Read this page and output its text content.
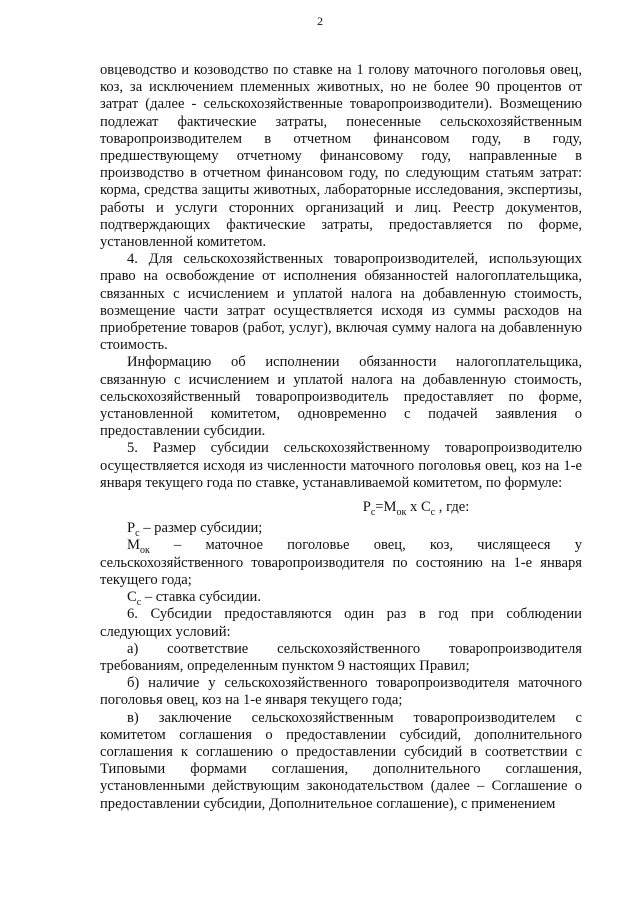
2

овцеводство и козоводство по ставке на 1 голову маточного поголовья овец, коз, за исключением племенных животных, но не более 90 процентов от затрат (далее - сельскохозяйственные товаропроизводители). Возмещению подлежат фактические затраты, понесенные сельскохозяйственным товаропроизводителем в отчетном финансовом году, в году, предшествующему отчетному финансовому году, направленные в производство в отчетном финансовом году, по следующим статьям затрат: корма, средства защиты животных, лабораторные исследования, экспертизы, работы и услуги сторонних организаций и лиц. Реестр документов, подтверждающих фактические затраты, предоставляется по форме, установленной комитетом.

4. Для сельскохозяйственных товаропроизводителей, использующих право на освобождение от исполнения обязанностей налогоплательщика, связанных с исчислением и уплатой налога на добавленную стоимость, возмещение части затрат осуществляется исходя из суммы расходов на приобретение товаров (работ, услуг), включая сумму налога на добавленную стоимость.

Информацию об исполнении обязанности налогоплательщика, связанную с исчислением и уплатой налога на добавленную стоимость, сельскохозяйственный товаропроизводитель предоставляет по форме, установленной комитетом, одновременно с подачей заявления о предоставлении субсидии.

5. Размер субсидии сельскохозяйственному товаропроизводителю осуществляется исходя из численности маточного поголовья овец, коз на 1-е января текущего года по ставке, устанавливаемой комитетом, по формуле:

$P_с=M_{ок}$ x $C_с$ , где:

$P_с$ – размер субсидии;

$M_{ок}$ – маточное поголовье овец, коз, числящееся у сельскохозяйственного товаропроизводителя по состоянию на 1-е января текущего года;

$C_с$ – ставка субсидии.

6. Субсидии предоставляются один раз в год при соблюдении следующих условий:

а) соответствие сельскохозяйственного товаропроизводителя требованиям, определенным пунктом 9 настоящих Правил;

б) наличие у сельскохозяйственного товаропроизводителя маточного поголовья овец, коз на 1-е января текущего года;

в) заключение сельскохозяйственным товаропроизводителем с комитетом соглашения о предоставлении субсидий, дополнительного соглашения к соглашению о предоставлении субсидий в соответствии с Типовыми формами соглашения, дополнительного соглашения, установленными действующим законодательством (далее – Соглашение о предоставлении субсидии, Дополнительное соглашение), с применением
